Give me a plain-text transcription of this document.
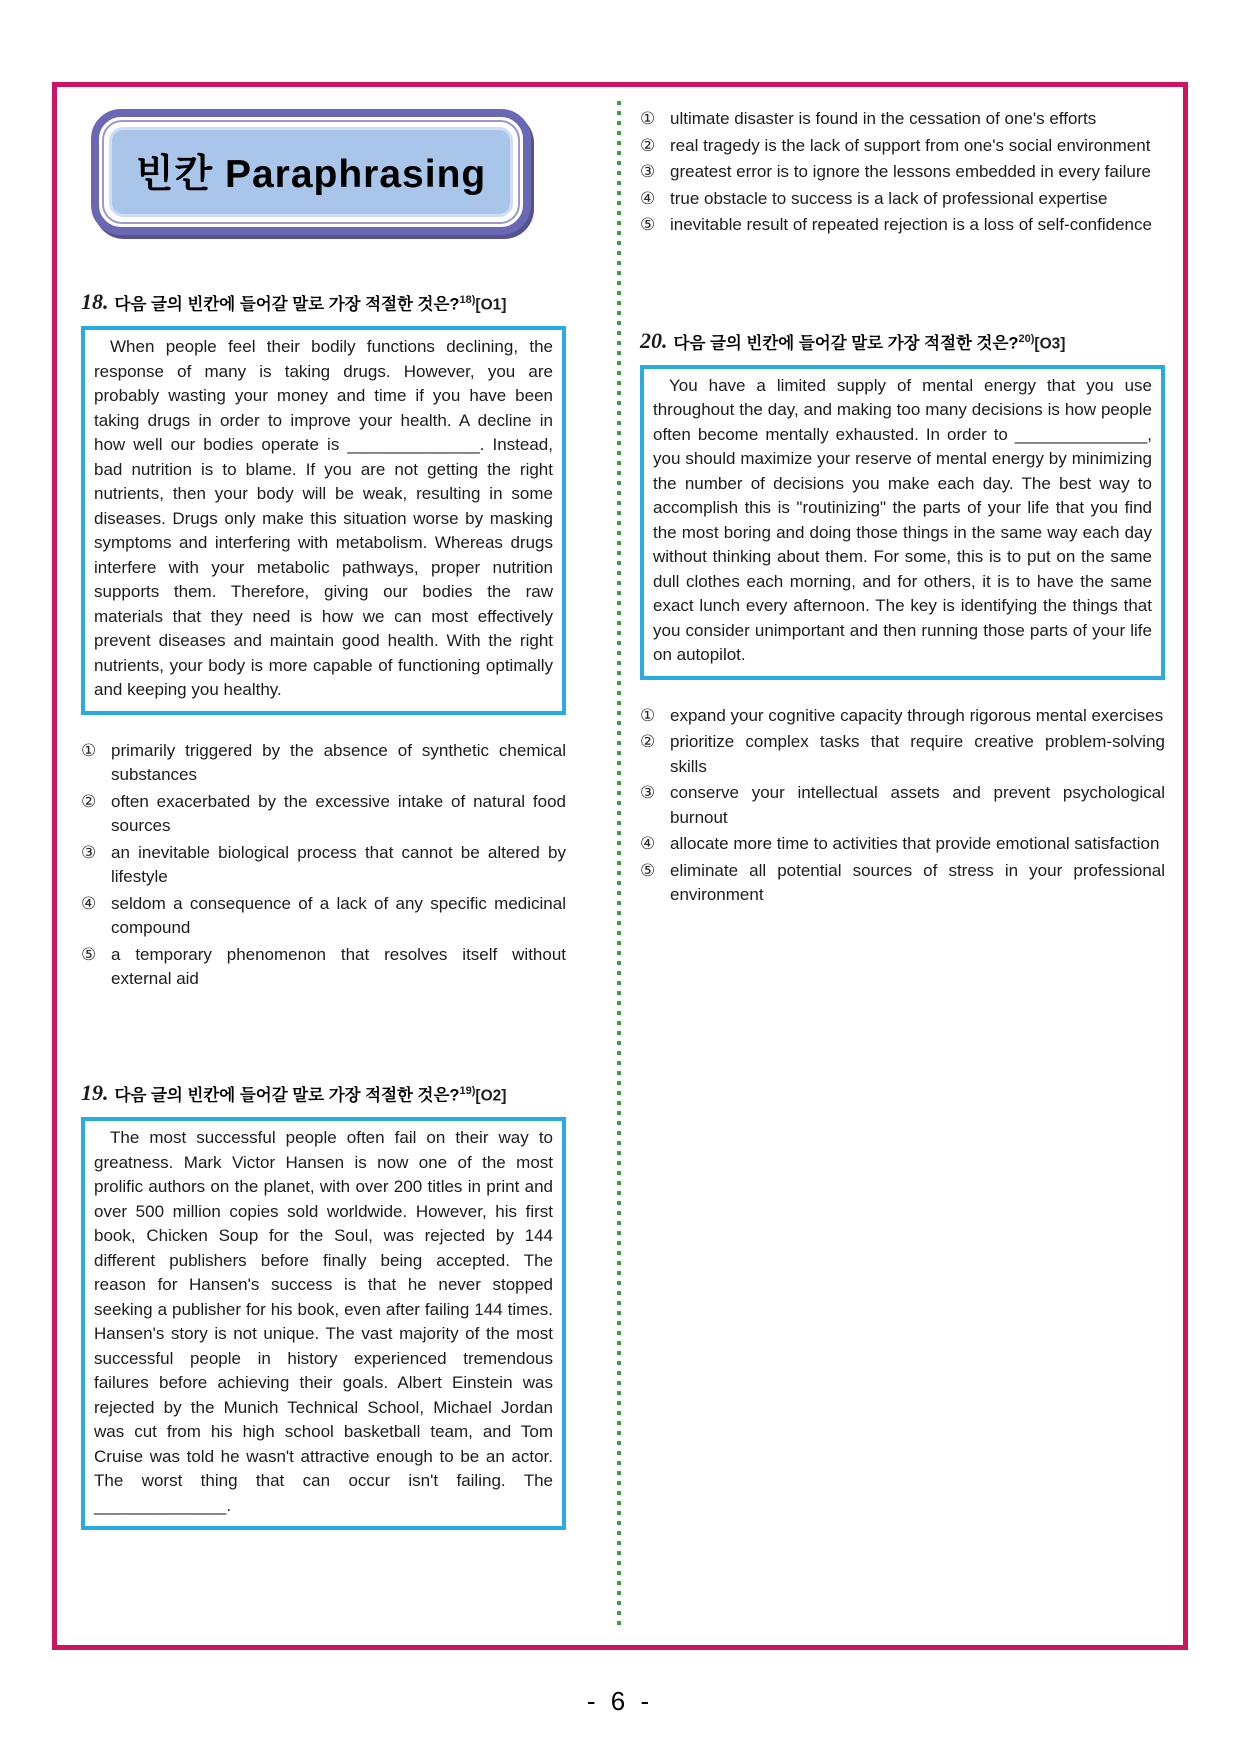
빈칸 Paraphrasing
18. 다음 글의 빈칸에 들어갈 말로 가장 적절한 것은?$^{18)}$[O1]

When people feel their bodily functions declining, the response of many is taking drugs. However, you are probably wasting your money and time if you have been taking drugs in order to improve your health. A decline in how well our bodies operate is ______________. Instead, bad nutrition is to blame. If you are not getting the right nutrients, then your body will be weak, resulting in some diseases. Drugs only make this situation worse by masking symptoms and interfering with metabolism. Whereas drugs interfere with your metabolic pathways, proper nutrition supports them. Therefore, giving our bodies the raw materials that they need is how we can most effectively prevent diseases and maintain good health. With the right nutrients, your body is more capable of functioning optimally and keeping you healthy.

① primarily triggered by the absence of synthetic chemical substances
② often exacerbated by the excessive intake of natural food sources
③ an inevitable biological process that cannot be altered by lifestyle
④ seldom a consequence of a lack of any specific medicinal compound
⑤ a temporary phenomenon that resolves itself without external aid
19. 다음 글의 빈칸에 들어갈 말로 가장 적절한 것은?$^{19)}$[O2]

The most successful people often fail on their way to greatness. Mark Victor Hansen is now one of the most prolific authors on the planet, with over 200 titles in print and over 500 million copies sold worldwide. However, his first book, Chicken Soup for the Soul, was rejected by 144 different publishers before finally being accepted. The reason for Hansen's success is that he never stopped seeking a publisher for his book, even after failing 144 times. Hansen's story is not unique. The vast majority of the most successful people in history experienced tremendous failures before achieving their goals. Albert Einstein was rejected by the Munich Technical School, Michael Jordan was cut from his high school basketball team, and Tom Cruise was told he wasn't attractive enough to be an actor. The worst thing that can occur isn't failing. The ______________.

① ultimate disaster is found in the cessation of one's efforts
② real tragedy is the lack of support from one's social environment
③ greatest error is to ignore the lessons embedded in every failure
④ true obstacle to success is a lack of professional expertise
⑤ inevitable result of repeated rejection is a loss of self-confidence
20. 다음 글의 빈칸에 들어갈 말로 가장 적절한 것은?$^{20)}$[O3]

You have a limited supply of mental energy that you use throughout the day, and making too many decisions is how people often become mentally exhausted. In order to ______________, you should maximize your reserve of mental energy by minimizing the number of decisions you make each day. The best way to accomplish this is "routinizing" the parts of your life that you find the most boring and doing those things in the same way each day without thinking about them. For some, this is to put on the same dull clothes each morning, and for others, it is to have the same exact lunch every afternoon. The key is identifying the things that you consider unimportant and then running those parts of your life on autopilot.

① expand your cognitive capacity through rigorous mental exercises
② prioritize complex tasks that require creative problem-solving skills
③ conserve your intellectual assets and prevent psychological burnout
④ allocate more time to activities that provide emotional satisfaction
⑤ eliminate all potential sources of stress in your professional environment
- 6 -
